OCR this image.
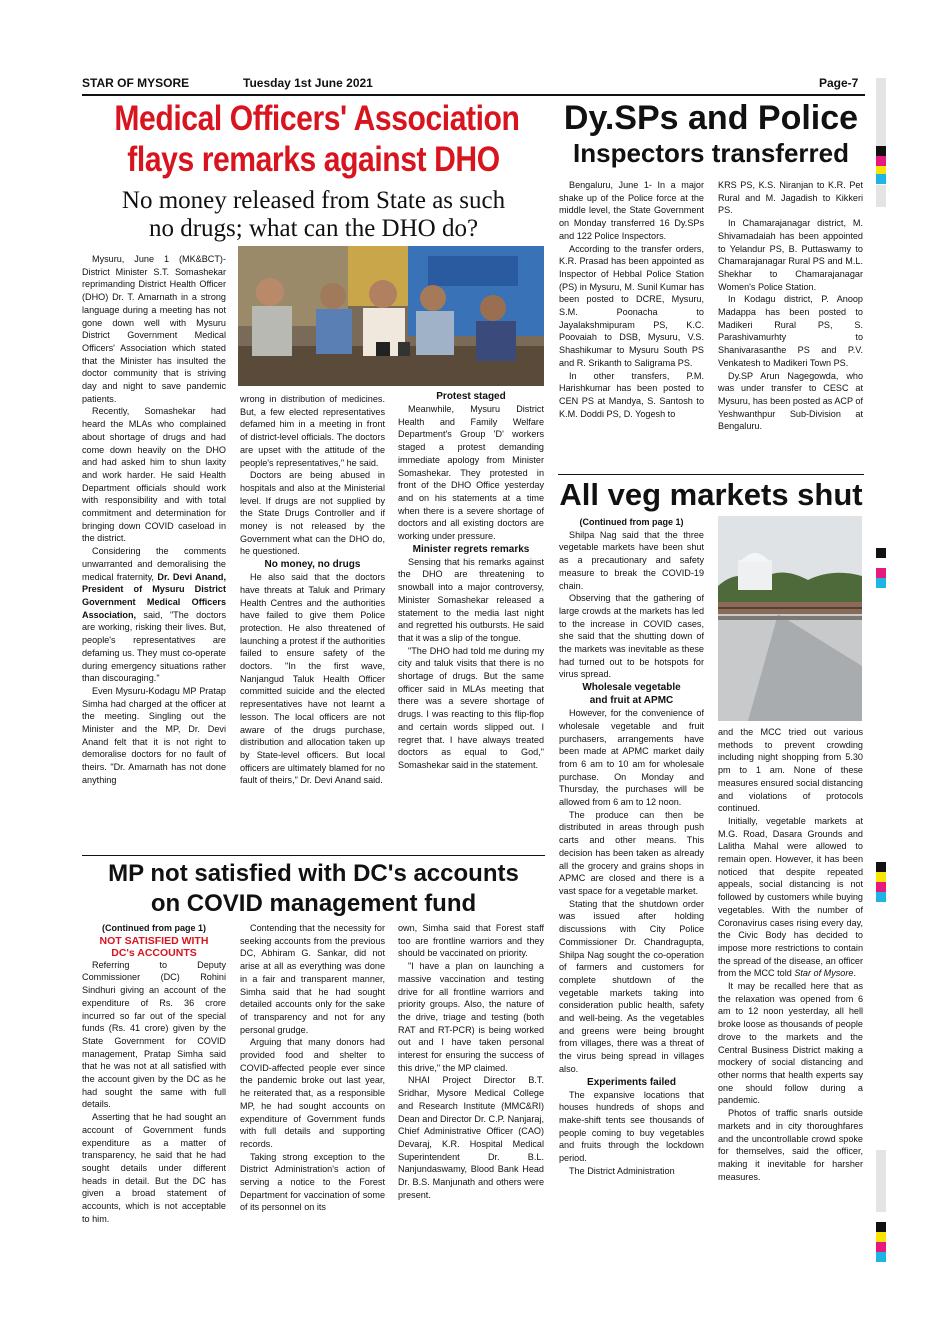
STAR OF MYSORE	Tuesday 1st June 2021	Page-7
Medical Officers' Association
flays remarks against DHO
No money released from State as such
no drugs; what can the DHO do?

Mysuru, June 1 (MK&BCT)- District Minister S.T. Somashekar reprimanding District Health Officer (DHO) Dr. T. Amarnath in a strong language during a meeting has not gone down well with Mysuru District Government Medical Officers' Association which stated that the Minister has insulted the doctor community that is striving day and night to save pandemic patients.

Recently, Somashekar had heard the MLAs who complained about shortage of drugs and had come down heavily on the DHO and had asked him to shun laxity and work harder. He said Health Department officials should work with responsibility and with total commitment and determination for bringing down COVID caseload in the district.

Considering the comments unwarranted and demoralising the medical fraternity, Dr. Devi Anand, President of Mysuru District Government Medical Officers Association, said, "The doctors are working, risking their lives. But, people's representatives are defaming us. They must co-operate during emergency situations rather than discouraging."

Even Mysuru-Kodagu MP Pratap Simha had charged at the officer at the meeting. Singling out the Minister and the MP, Dr. Devi Anand felt that it is not right to demoralise doctors for no fault of theirs. "Dr. Amarnath has not done anything

wrong in distribution of medicines. But, a few elected representatives defamed him in a meeting in front of district-level officials. The doctors are upset with the attitude of the people's representatives," he said.

Doctors are being abused in hospitals and also at the Ministerial level. If drugs are not supplied by the State Drugs Controller and if money is not released by the Government what can the DHO do, he questioned.

No money, no drugs

He also said that the doctors have threats at Taluk and Primary Health Centres and the authorities have failed to give them Police protection. He also threatened of launching a protest if the authorities failed to ensure safety of the doctors. "In the first wave, Nanjangud Taluk Health Officer committed suicide and the elected representatives have not learnt a lesson. The local officers are not aware of the drugs purchase, distribution and allocation taken up by State-level officers. But local officers are ultimately blamed for no fault of theirs," Dr. Devi Anand said.

Protest staged

Meanwhile, Mysuru District Health and Family Welfare Department's Group 'D' workers staged a protest demanding immediate apology from Minister Somashekar. They protested in front of the DHO Office yesterday and on his statements at a time when there is a severe shortage of doctors and all existing doctors are working under pressure.

Minister regrets remarks

Sensing that his remarks against the DHO are threatening to snowball into a major controversy, Minister Somashekar released a statement to the media last night and regretted his outbursts. He said that it was a slip of the tongue.

"The DHO had told me during my city and taluk visits that there is no shortage of drugs. But the same officer said in MLAs meeting that there was a severe shortage of drugs. I was reacting to this flip-flop and certain words slipped out. I regret that. I have always treated doctors as equal to God," Somashekar said in the statement.

MP not satisfied with DC's accounts
on COVID management fund

(Continued from page 1)

NOT SATISFIED WITH

DC's ACCOUNTS

Referring to Deputy Commissioner (DC) Rohini Sindhuri giving an account of the expenditure of Rs. 36 crore incurred so far out of the special funds (Rs. 41 crore) given by the State Government for COVID management, Pratap Simha said that he was not at all satisfied with the account given by the DC as he had sought the same with full details.

Asserting that he had sought an account of Government funds expenditure as a matter of transparency, he said that he had sought details under different heads in detail. But the DC has given a broad statement of accounts, which is not acceptable to him.

Contending that the necessity for seeking accounts from the previous DC, Abhiram G. Sankar, did not arise at all as everything was done in a fair and transparent manner, Simha said that he had sought detailed accounts only for the sake of transparency and not for any personal grudge.

Arguing that many donors had provided food and shelter to COVID-affected people ever since the pandemic broke out last year, he reiterated that, as a responsible MP, he had sought accounts on expenditure of Government funds with full details and supporting records.

Taking strong exception to the District Administration's action of serving a notice to the Forest Department for vaccination of some of its personnel on its

own, Simha said that Forest staff too are frontline warriors and they should be vaccinated on priority.

"I have a plan on launching a massive vaccination and testing drive for all frontline warriors and priority groups. Also, the nature of the drive, triage and testing (both RAT and RT-PCR) is being worked out and I have taken personal interest for ensuring the success of this drive," the MP claimed.

NHAI Project Director B.T. Sridhar, Mysore Medical College and Research Institute (MMC&RI) Dean and Director Dr. C.P. Nanjaraj, Chief Administrative Officer (CAO) Devaraj, K.R. Hospital Medical Superintendent Dr. B.L. Nanjundaswamy, Blood Bank Head Dr. B.S. Manjunath and others were present.

Dy.SPs and Police
Inspectors transferred

Bengaluru, June 1- In a major shake up of the Police force at the middle level, the State Government on Monday transferred 16 Dy.SPs and 122 Police Inspectors.

According to the transfer orders, K.R. Prasad has been appointed as Inspector of Hebbal Police Station (PS) in Mysuru, M. Sunil Kumar has been posted to DCRE, Mysuru, S.M. Poonacha to Jayalakshmipuram PS, K.C. Poovaiah to DSB, Mysuru, V.S. Shashikumar to Mysuru South PS and R. Srikanth to Saligrama PS.

In other transfers, P.M. Harishkumar has been posted to CEN PS at Mandya, S. Santosh to K.M. Doddi PS, D. Yogesh to

KRS PS, K.S. Niranjan to K.R. Pet Rural and M. Jagadish to Kikkeri PS.

In Chamarajanagar district, M. Shivamadaiah has been appointed to Yelandur PS, B. Puttaswamy to Chamarajanagar Rural PS and M.L. Shekhar to Chamarajanagar Women's Police Station.

In Kodagu district, P. Anoop Madappa has been posted to Madikeri Rural PS, S. Parashivamurhty to Shanivarasanthe PS and P.V. Venkatesh to Madikeri Town PS.

Dy.SP Arun Nagegowda, who was under transfer to CESC at Mysuru, has been posted as ACP of Yeshwanthpur Sub-Division at Bengaluru.

All veg markets shut

(Continued from page 1)

Shilpa Nag said that the three vegetable markets have been shut as a precautionary and safety measure to break the COVID-19 chain.

Observing that the gathering of large crowds at the markets has led to the increase in COVID cases, she said that the shutting down of the markets was inevitable as these had turned out to be hotspots for virus spread.

Wholesale vegetable

and fruit at APMC

However, for the convenience of wholesale vegetable and fruit purchasers, arrangements have been made at APMC market daily from 6 am to 10 am for wholesale purchase. On Monday and Thursday, the purchases will be allowed from 6 am to 12 noon.

The produce can then be distributed in areas through push carts and other means. This decision has been taken as already all the grocery and grains shops in APMC are closed and there is a vast space for a vegetable market.

Stating that the shutdown order was issued after holding discussions with City Police Commissioner Dr. Chandragupta, Shilpa Nag sought the co-operation of farmers and customers for complete shutdown of the vegetable markets taking into consideration public health, safety and well-being. As the vegetables and greens were being brought from villages, there was a threat of the virus being spread in villages also.

Experiments failed

The expansive locations that houses hundreds of shops and make-shift tents see thousands of people coming to buy vegetables and fruits through the lockdown period.

The District Administration

and the MCC tried out various methods to prevent crowding including night shopping from 5.30 pm to 1 am. None of these measures ensured social distancing and violations of protocols continued.

Initially, vegetable markets at M.G. Road, Dasara Grounds and Lalitha Mahal were allowed to remain open. However, it has been noticed that despite repeated appeals, social distancing is not followed by customers while buying vegetables. With the number of Coronavirus cases rising every day, the Civic Body has decided to impose more restrictions to contain the spread of the disease, an officer from the MCC told Star of Mysore.

It may be recalled here that as the relaxation was opened from 6 am to 12 noon yesterday, all hell broke loose as thousands of people drove to the markets and the Central Business District making a mockery of social distancing and other norms that health experts say one should follow during a pandemic.

Photos of traffic snarls outside markets and in city thoroughfares and the uncontrollable crowd spoke for themselves, said the officer, making it inevitable for harsher measures.
